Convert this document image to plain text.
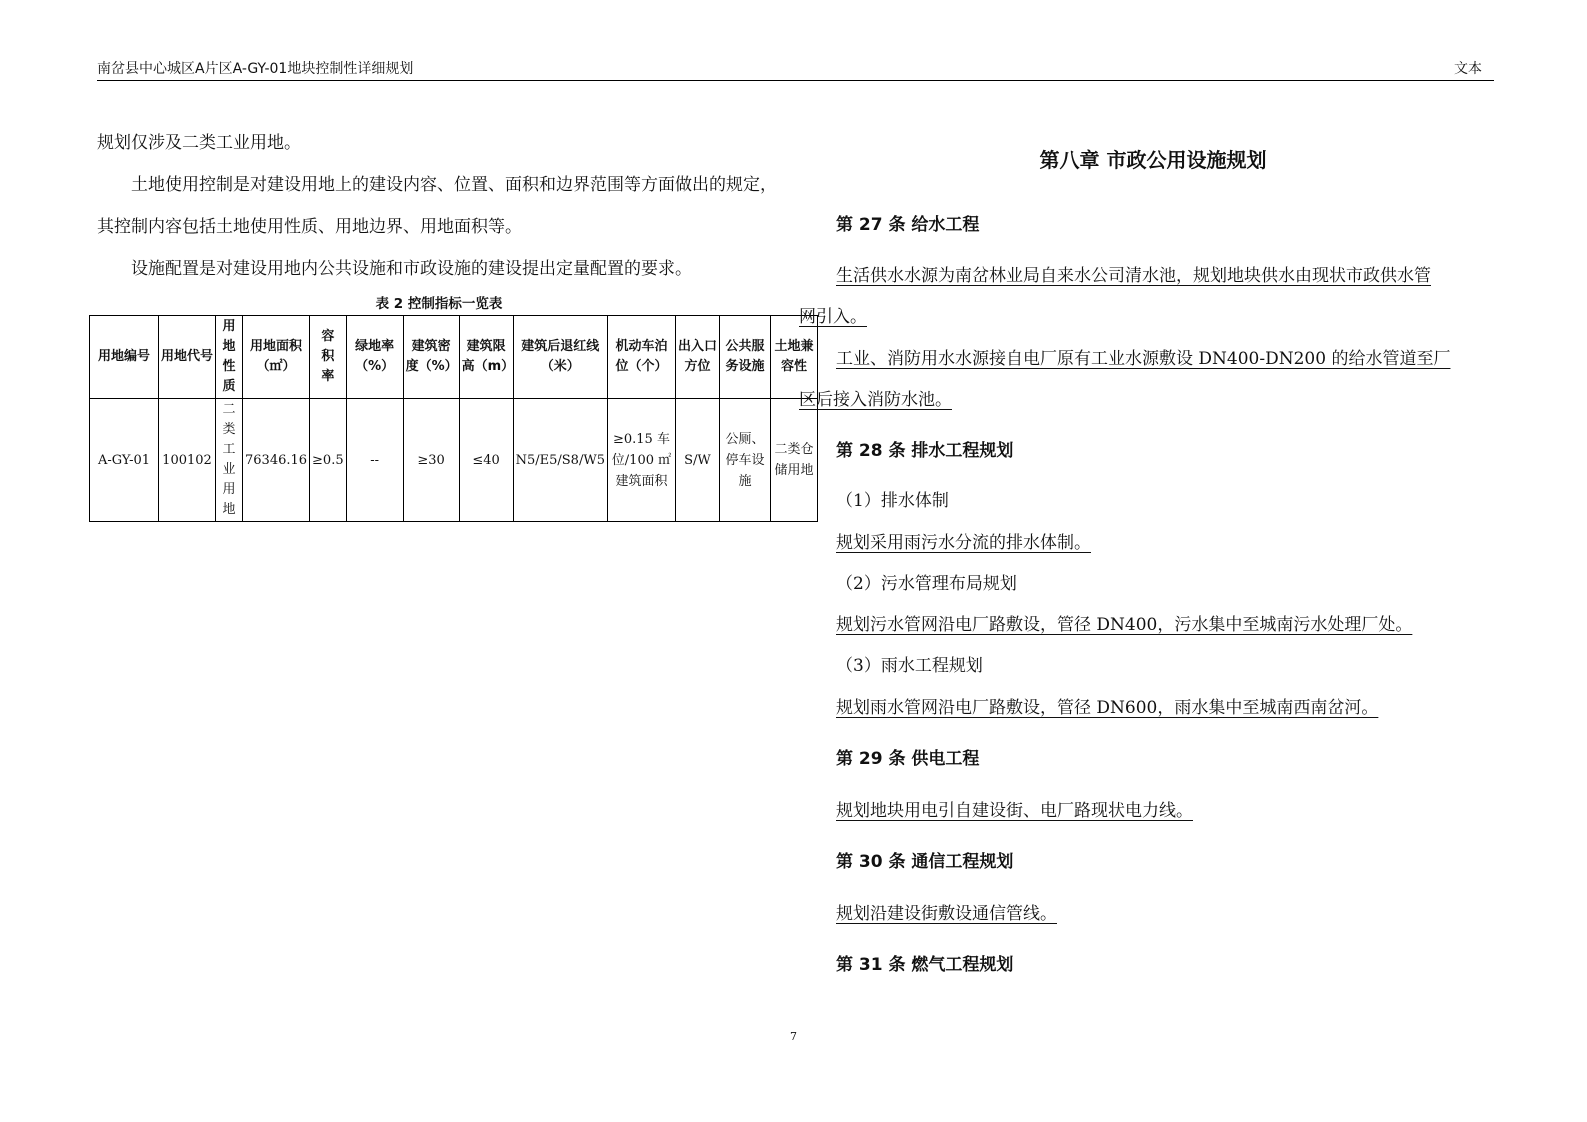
南岔县中心城区A片区A-GY-01地块控制性详细规划	文本

规划仅涉及二类工业用地。

土地使用控制是对建设用地上的建设内容、位置、面积和边界范围等方面做出的规定，其控制内容包括土地使用性质、用地边界、用地面积等。

设施配置是对建设用地内公共设施和市政设施的建设提出定量配置的要求。

表 2 控制指标一览表
用地编号	用地代号	用地性质	用地面积（㎡）	容积率	绿地率（%）	建筑密度（%）	建筑限高（m）	建筑后退红线（米）	机动车泊位（个）	出入口方位	公共服务设施	土地兼容性
A-GY-01	100102	二类工业用地	76346.16	≥0.5	--	≥30	≤40	N5/E5/S8/W5	≥0.15 车位/100 ㎡建筑面积	S/W	公厕、停车设施	二类仓储用地
第八章 市政公用设施规划
第 27 条 给水工程

生活供水水源为南岔林业局自来水公司清水池，规划地块供水由现状市政供水管

网引入。

工业、消防用水水源接自电厂原有工业水源敷设 DN400-DN200 的给水管道至厂

区后接入消防水池。

第 28 条 排水工程规划

（1）排水体制

规划采用雨污水分流的排水体制。

（2）污水管理布局规划

规划污水管网沿电厂路敷设，管径 DN400，污水集中至城南污水处理厂处。

（3）雨水工程规划

规划雨水管网沿电厂路敷设，管径 DN600，雨水集中至城南西南岔河。

第 29 条 供电工程

规划地块用电引自建设街、电厂路现状电力线。

第 30 条 通信工程规划

规划沿建设街敷设通信管线。

第 31 条 燃气工程规划
7
